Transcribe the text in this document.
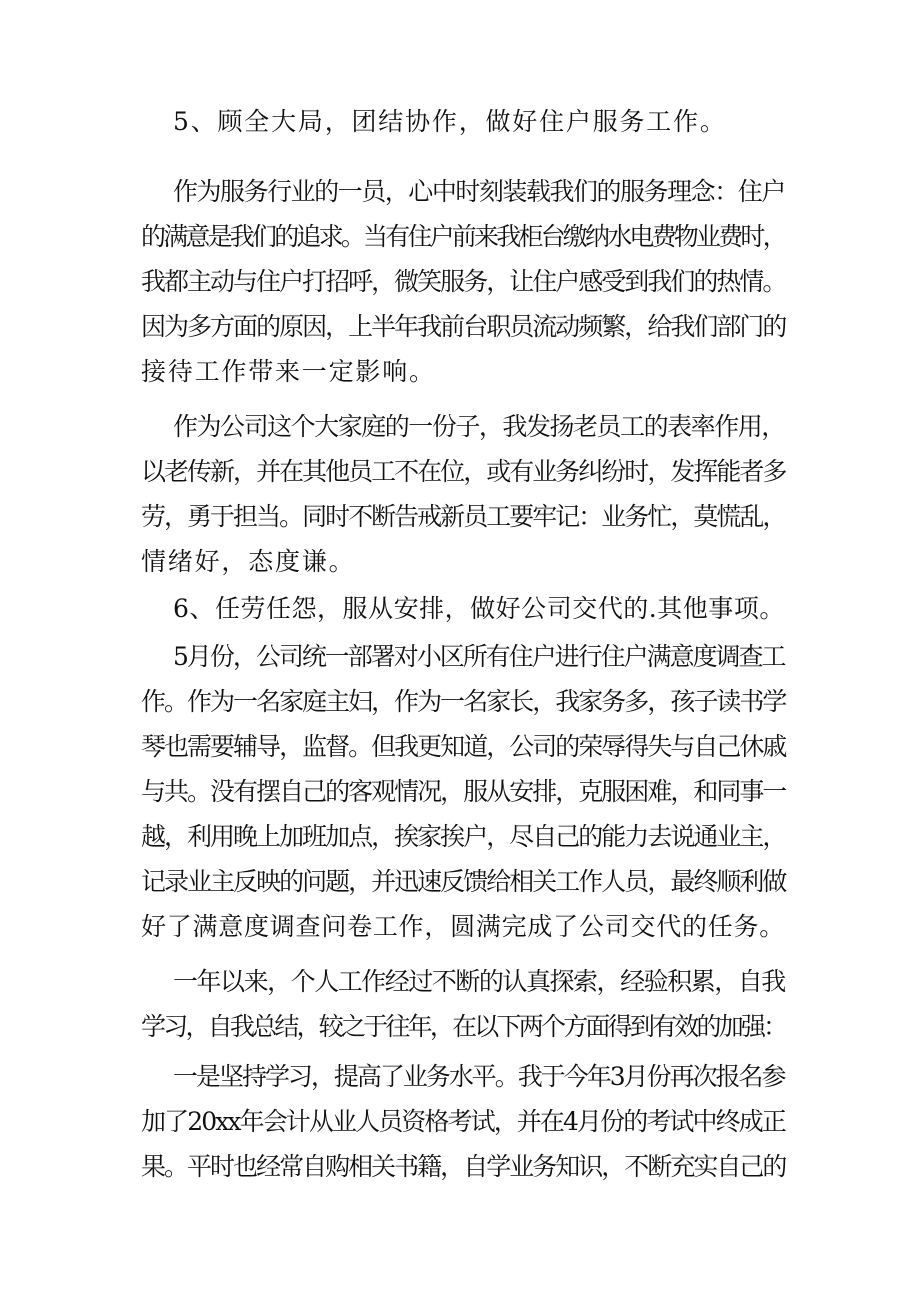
5、顾全大局，团结协作，做好住户服务工作。
作为服务行业的一员，心中时刻装载我们的服务理念：住户
的满意是我们的追求。当有住户前来我柜台缴纳水电费物业费时，
我都主动与住户打招呼，微笑服务，让住户感受到我们的热情。
因为多方面的原因，上半年我前台职员流动频繁，给我们部门的
接待工作带来一定影响。
作为公司这个大家庭的一份子，我发扬老员工的表率作用，
以老传新，并在其他员工不在位，或有业务纠纷时，发挥能者多
劳，勇于担当。同时不断告戒新员工要牢记：业务忙，莫慌乱，
情绪好，态度谦。
6、任劳任怨，服从安排，做好公司交代的.其他事项。
5月份，公司统一部署对小区所有住户进行住户满意度调查工
作。作为一名家庭主妇，作为一名家长，我家务多，孩子读书学
琴也需要辅导，监督。但我更知道，公司的荣辱得失与自己休戚
与共。没有摆自己的客观情况，服从安排，克服困难，和同事一
越，利用晚上加班加点，挨家挨户，尽自己的能力去说通业主，
记录业主反映的问题，并迅速反馈给相关工作人员，最终顺利做
好了满意度调查问卷工作，圆满完成了公司交代的任务。
一年以来，个人工作经过不断的认真探索，经验积累，自我
学习，自我总结，较之于往年，在以下两个方面得到有效的加强：
一是坚持学习，提高了业务水平。我于今年3月份再次报名参
加了20xx年会计从业人员资格考试，并在4月份的考试中终成正
果。平时也经常自购相关书籍，自学业务知识，不断充实自己的
